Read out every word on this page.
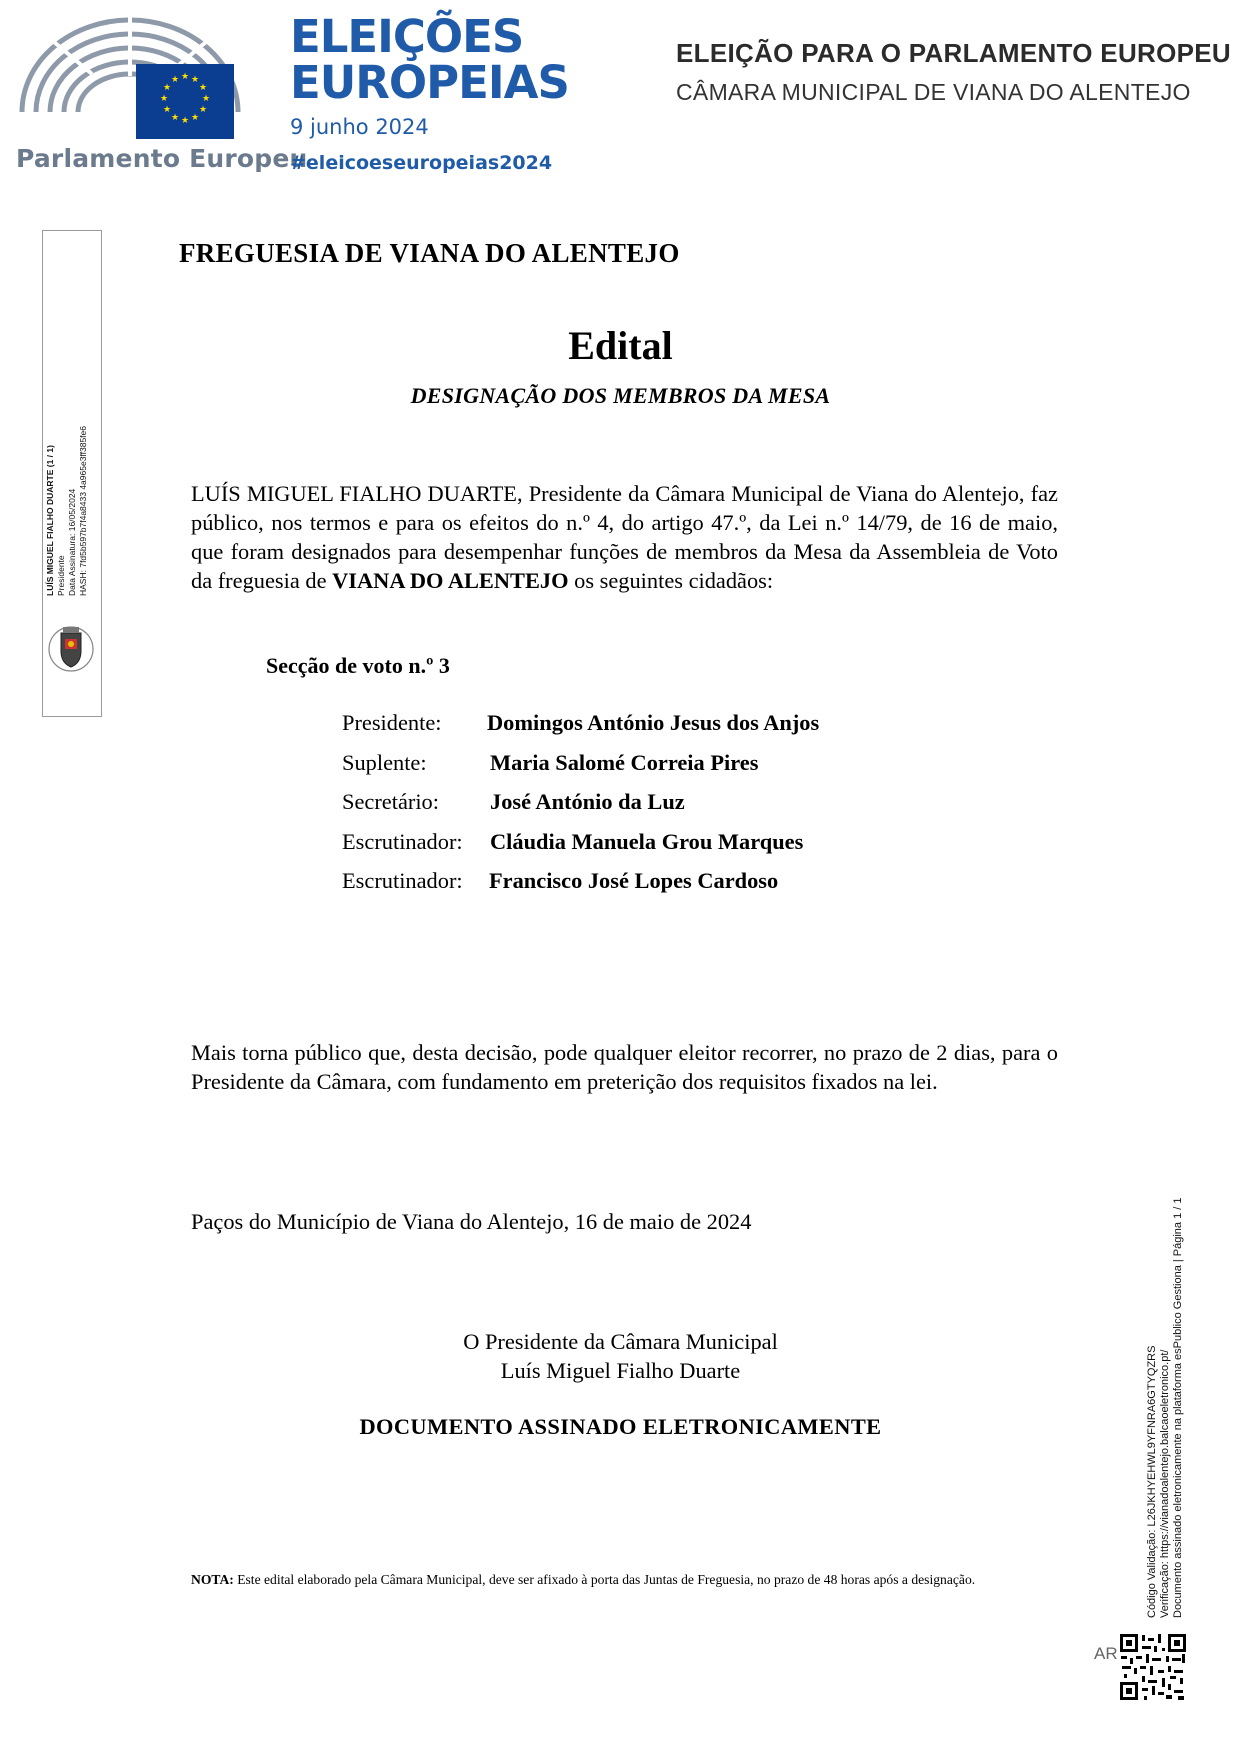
★ ★
★
★
★
★
★
★
★
★
★
★
Parlamento Europeu
ELEIÇÕES
EUROPEIAS
9 junho 2024
#eleicoeseuropeias2024
ELEIÇÃO PARA O PARLAMENTO EUROPEU
CÂMARA MUNICIPAL DE VIANA DO ALENTEJO
LUÍS MIGUEL FIALHO DUARTE (1 / 1) Presidente Data Assinatura: 16/05/2024 HASH: 7fd5b597b7f4a8433 4a965e3ff385fe6
FREGUESIA DE VIANA DO ALENTEJO
Edital
DESIGNAÇÃO DOS MEMBROS DA MESA
LUÍS MIGUEL FIALHO DUARTE, Presidente da Câmara Municipal de Viana do Alentejo, faz público, nos termos e para os efeitos do n.º 4, do artigo 47.º, da Lei n.º 14/79, de 16 de maio, que foram designados para desempenhar funções de membros da Mesa da Assembleia de Voto da freguesia de VIANA DO ALENTEJO os seguintes cidadãos:
Secção de voto n.º 3
Presidente: Domingos António Jesus dos Anjos
Suplente:	Maria Salomé Correia Pires
Secretário: José António da Luz
Escrutinador: Cláudia Manuela Grou Marques
Escrutinador: Francisco José Lopes Cardoso
Mais torna público que, desta decisão, pode qualquer eleitor recorrer, no prazo de 2 dias, para o Presidente da Câmara, com fundamento em preterição dos requisitos fixados na lei.
Paços do Município de Viana do Alentejo, 16 de maio de 2024
O Presidente da Câmara Municipal
Luís Miguel Fialho Duarte
DOCUMENTO ASSINADO ELETRONICAMENTE
NOTA: Este edital elaborado pela Câmara Municipal, deve ser afixado à porta das Juntas de Freguesia, no prazo de 48 horas após a designação.	Código Validação: L26JKHYEHWL9YFNRA6GTYQZRS Verificação: https://vianadoalentejo.balcaoeletronico.pt/ Documento assinado eletronicamente na plataforma esPublico Gestiona | Página 1 / 1
AR
